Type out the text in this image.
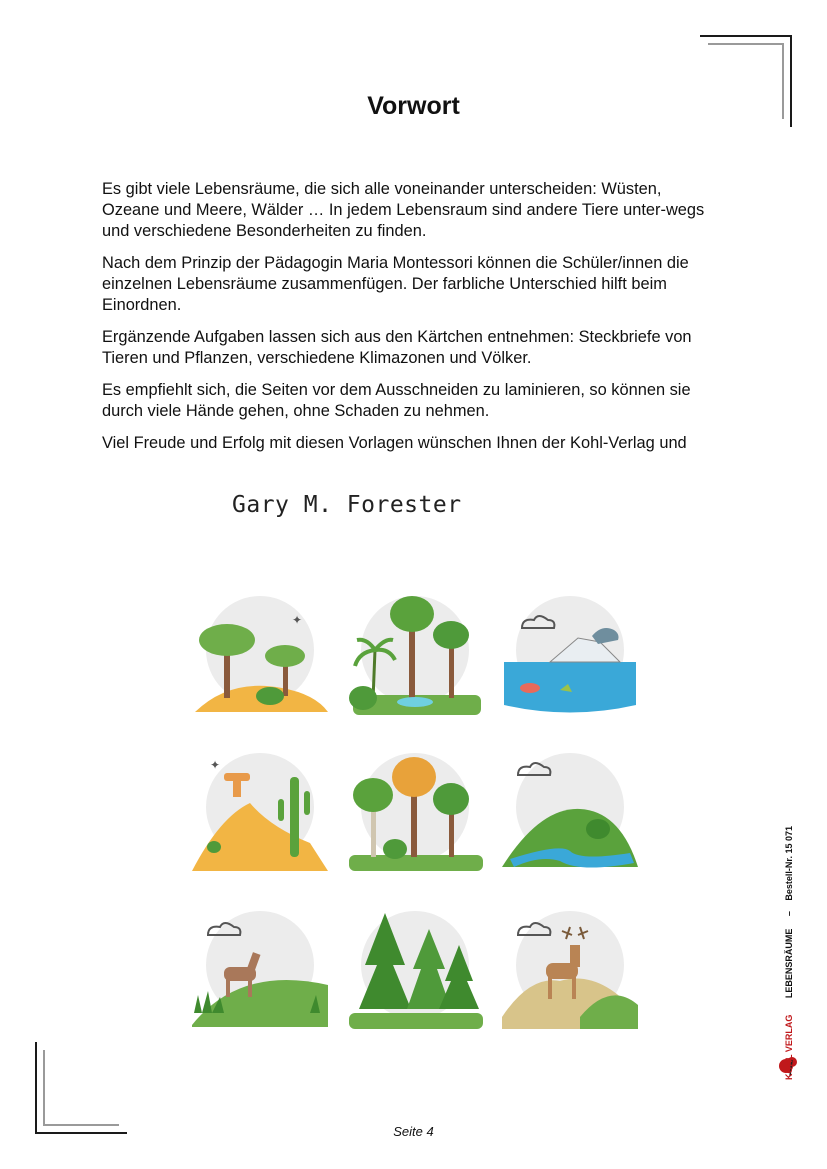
Vorwort

Es gibt viele Lebensräume, die sich alle voneinander unterscheiden: Wüsten, Ozeane und Meere, Wälder … In jedem Lebensraum sind andere Tiere unter-wegs und verschiedene Besonderheiten zu finden.

Nach dem Prinzip der Pädagogin Maria Montessori können die Schüler/innen die einzelnen Lebensräume zusammenfügen. Der farbliche Unterschied hilft beim Einordnen.

Ergänzende Aufgaben lassen sich aus den Kärtchen entnehmen: Steckbriefe von Tieren und Pflanzen, verschiedene Klimazonen und Völker.

Es empfiehlt sich, die Seiten vor dem Ausschneiden zu laminieren, so können sie durch viele Hände gehen, ohne Schaden zu nehmen.

Viel Freude und Erfolg mit diesen Vorlagen wünschen Ihnen der Kohl-Verlag und

Gary M. Forester
✦
✦
KOHL VERLAG LEBENSRÄUME – Bestell-Nr. 15 071
Seite 4
